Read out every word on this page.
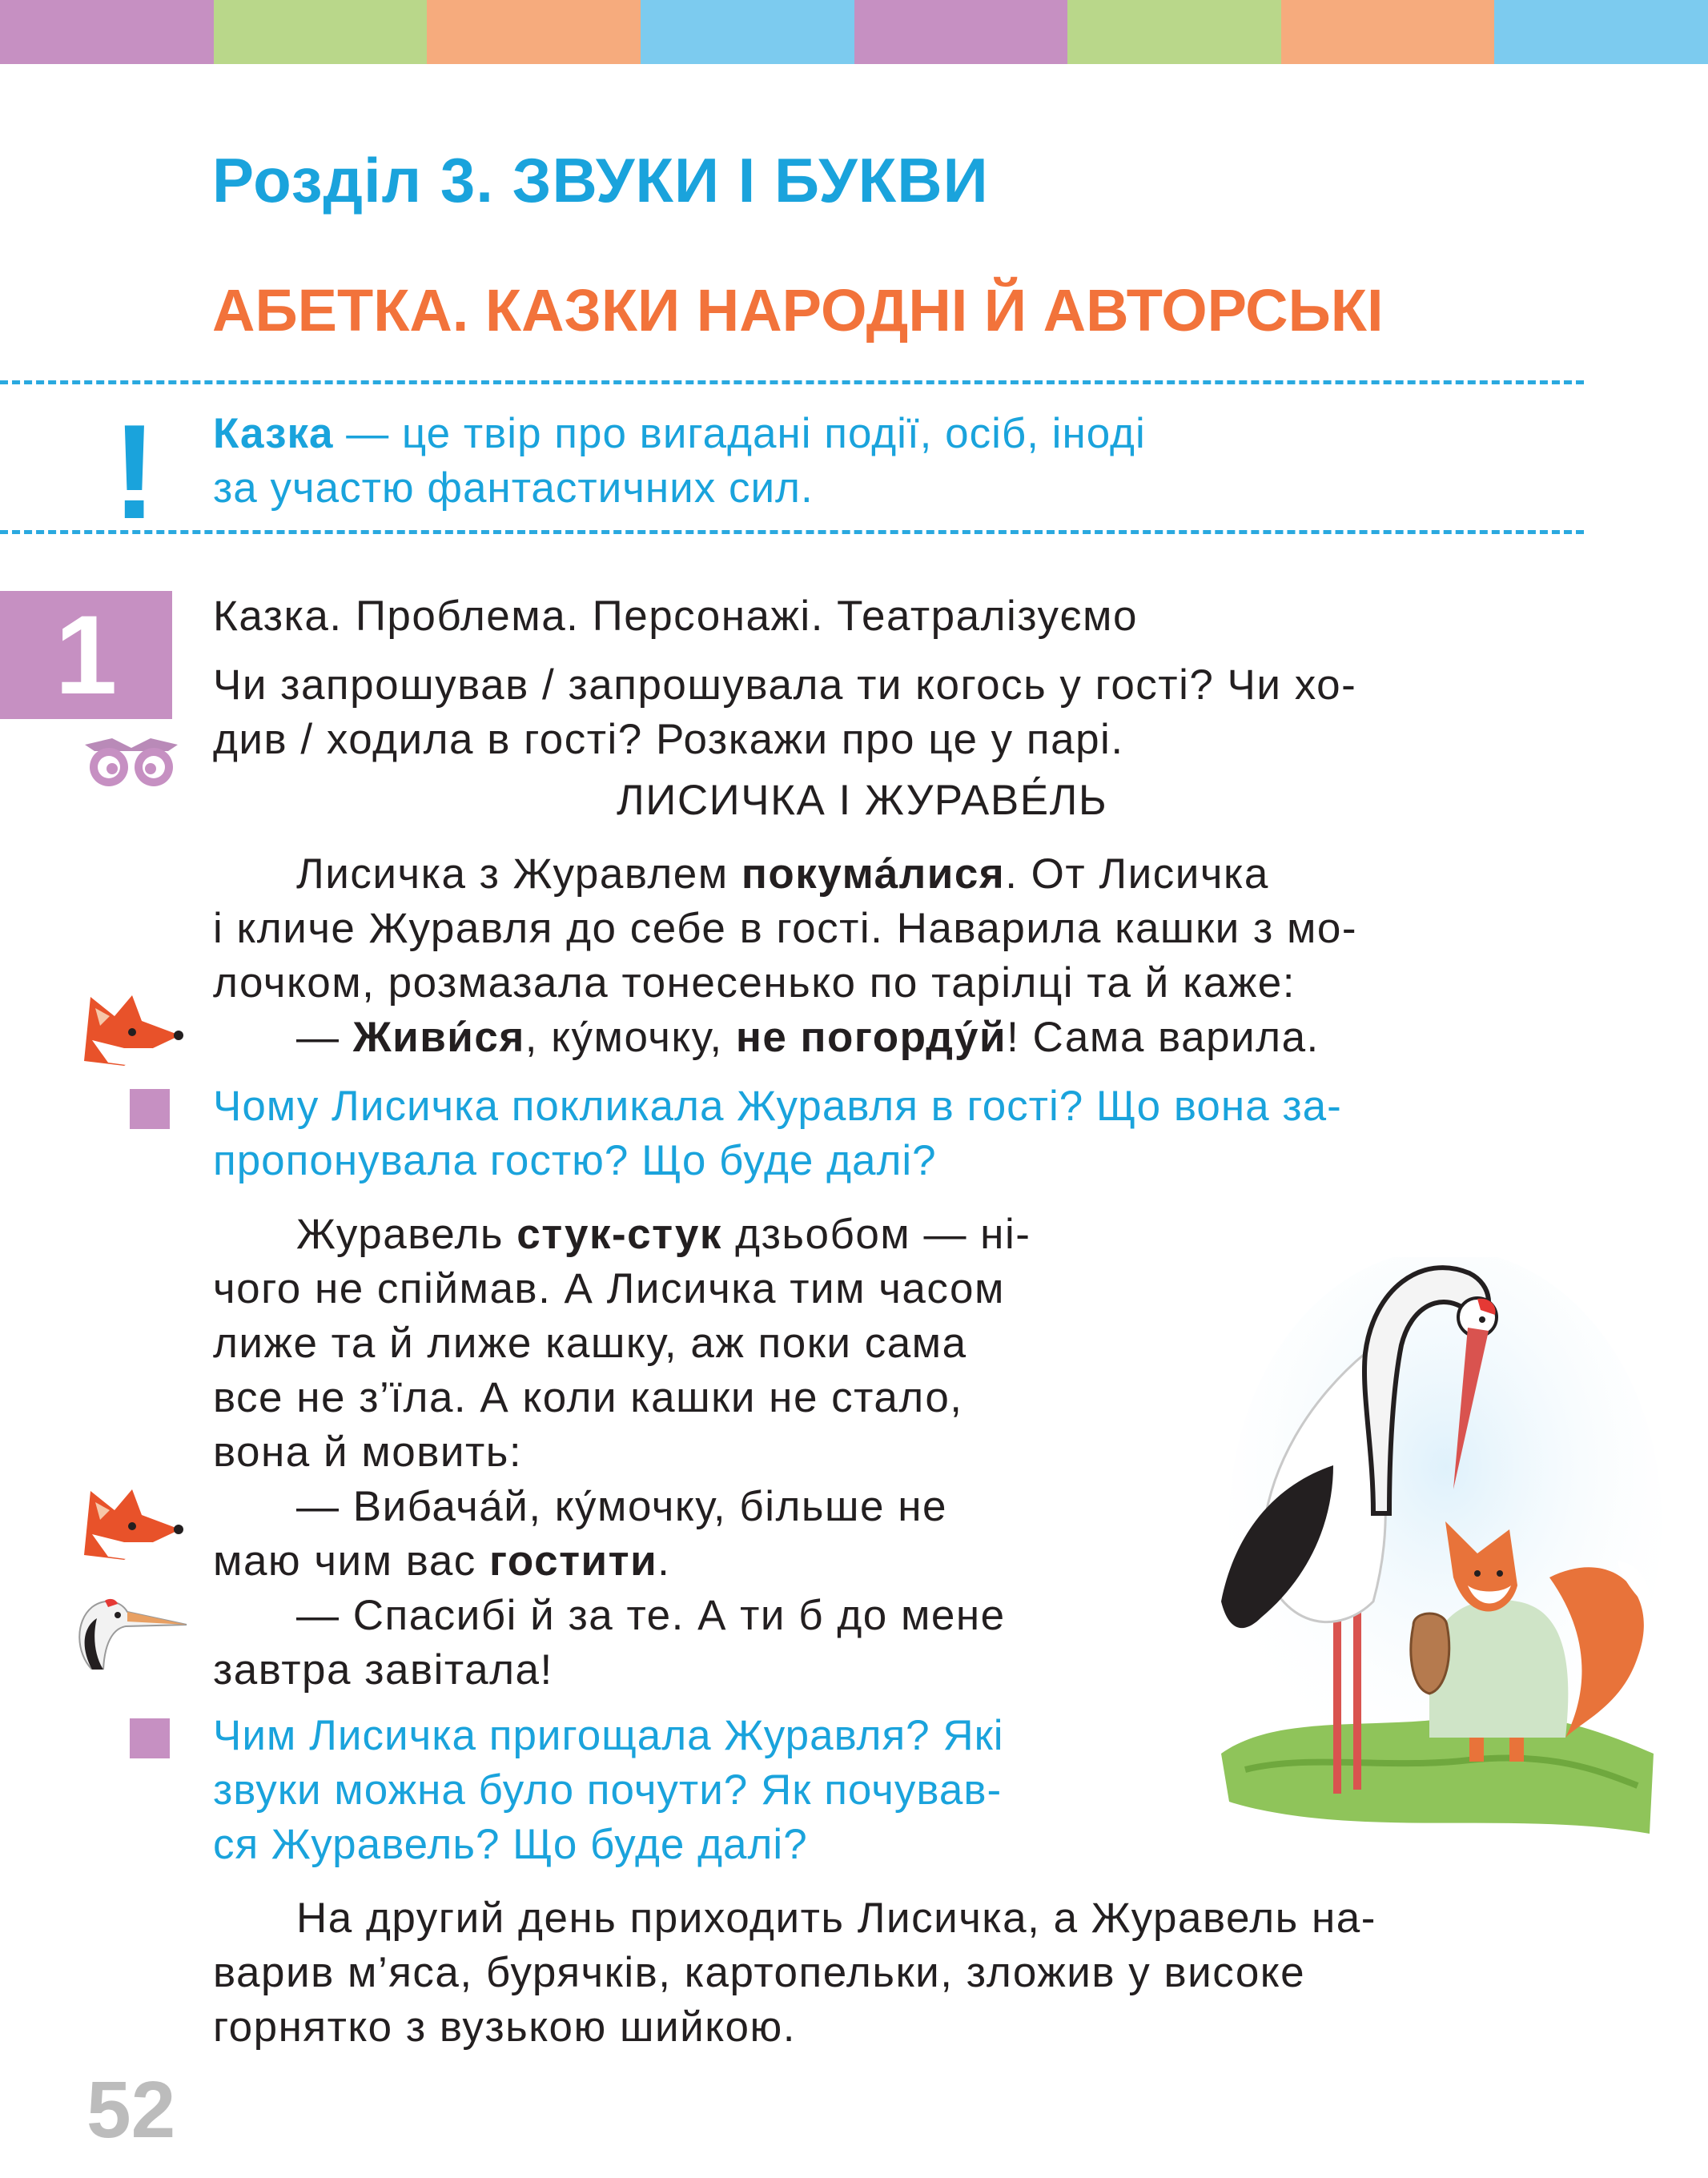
Розділ 3. ЗВУКИ І БУКВИ
АБЕТКА. КАЗКИ НАРОДНІ Й АВТОРСЬКІ
! Казка — це твір про вигадані події, осіб, іноді
за участю фантастичних сил.
1	Казка. Проблема. Персонажі. Театралізуємо
Чи запрошував / запрошувала ти когось у гості? Чи хо-
див / ходила в гості? Розкажи про це у парі.
ЛИСИЧКА І ЖУРАВЕ́ЛЬ
Лисичка з Журавлем покума́лися. От Лисичка
і кличе Журавля до себе в гості. Наварила кашки з мо-
лочком, розмазала тонесенько по тарілці та й каже:
— Живи́ся, ку́мочку, не погорду́й! Сама варила.
Чому Лисичка покликала Журавля в гості? Що вона за-
пропонувала гостю? Що буде далі?
Журавель стук-стук дзьобом — ні-
чого не спіймав. А Лисичка тим часом
лиже та й лиже кашку, аж поки сама
все не з’їла. А коли кашки не стало,
вона й мовить:
— Вибача́й, ку́мочку, більше не
маю чим вас гостити.
— Спасибі й за те. А ти б до мене
завтра завітала!
Чим Лисичка пригощала Журавля? Які
звуки можна було почути? Як почував-
ся Журавель? Що буде далі?
На другий день приходить Лисичка, а Журавель на-
варив м’яса, бурячків, картопельки, зложив у високе
горнятко з вузькою шийкою.
52
